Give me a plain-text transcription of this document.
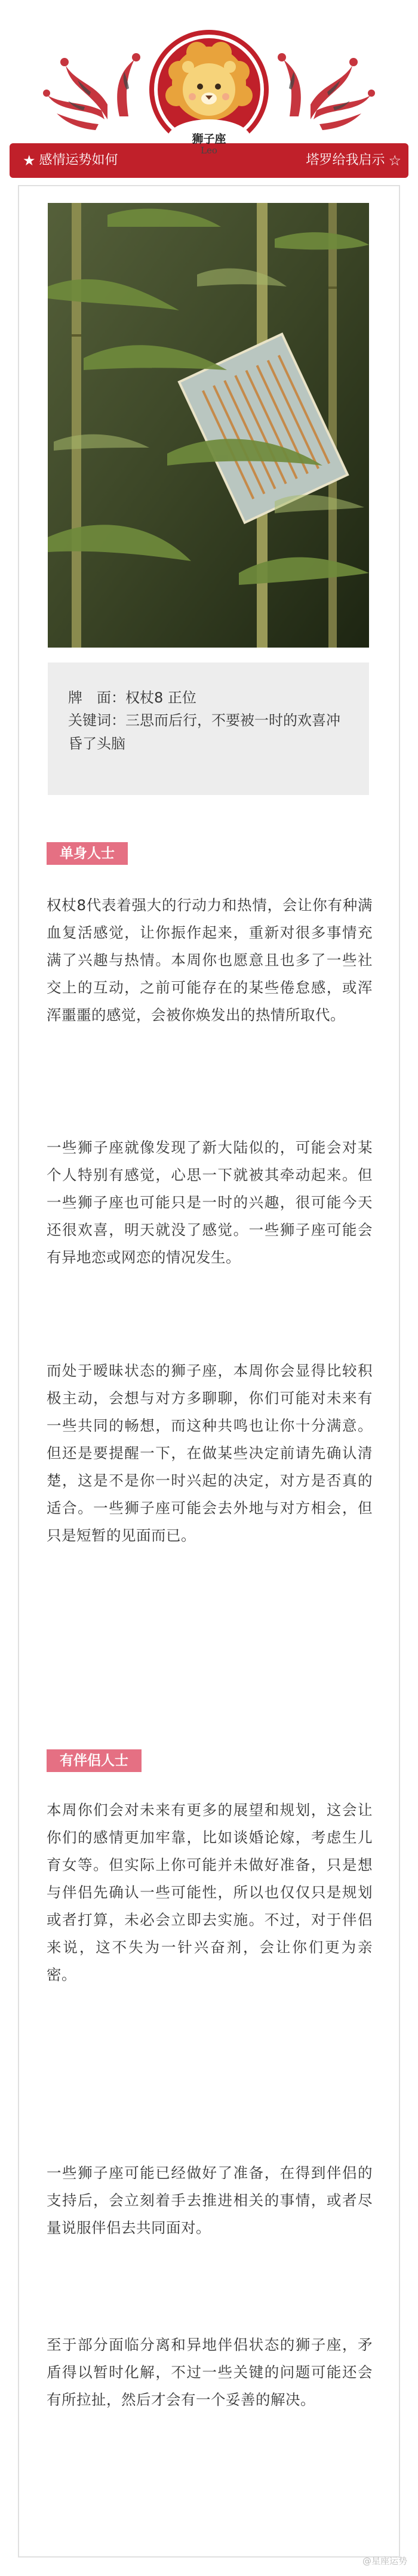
★ 感情运势如何	塔罗给我启示 ☆
狮子座
Leo
牌　面：权杖8 正位
关键词：三思而后行，不要被一时的欢喜冲昏了头脑
单身人士
权杖8代表着强大的行动力和热情，会让你有种满血复活感觉，让你振作起来，重新对很多事情充满了兴趣与热情。本周你也愿意且也多了一些社交上的互动，之前可能存在的某些倦怠感，或浑浑噩噩的感觉，会被你焕发出的热情所取代。
一些狮子座就像发现了新大陆似的，可能会对某个人特别有感觉，心思一下就被其牵动起来。但一些狮子座也可能只是一时的兴趣，很可能今天还很欢喜，明天就没了感觉。一些狮子座可能会有异地恋或网恋的情况发生。
而处于暧昧状态的狮子座，本周你会显得比较积极主动，会想与对方多聊聊，你们可能对未来有一些共同的畅想，而这种共鸣也让你十分满意。但还是要提醒一下，在做某些决定前请先确认清楚，这是不是你一时兴起的决定，对方是否真的适合。一些狮子座可能会去外地与对方相会，但只是短暂的见面而已。
有伴侣人士
本周你们会对未来有更多的展望和规划，这会让你们的感情更加牢靠，比如谈婚论嫁，考虑生儿育女等。但实际上你可能并未做好准备，只是想与伴侣先确认一些可能性，所以也仅仅只是规划或者打算，未必会立即去实施。不过，对于伴侣来说，这不失为一针兴奋剂，会让你们更为亲密。
一些狮子座可能已经做好了准备，在得到伴侣的支持后，会立刻着手去推进相关的事情，或者尽量说服伴侣去共同面对。
至于部分面临分离和异地伴侣状态的狮子座，矛盾得以暂时化解，不过一些关键的问题可能还会有所拉扯，然后才会有一个妥善的解决。
@星座运势
